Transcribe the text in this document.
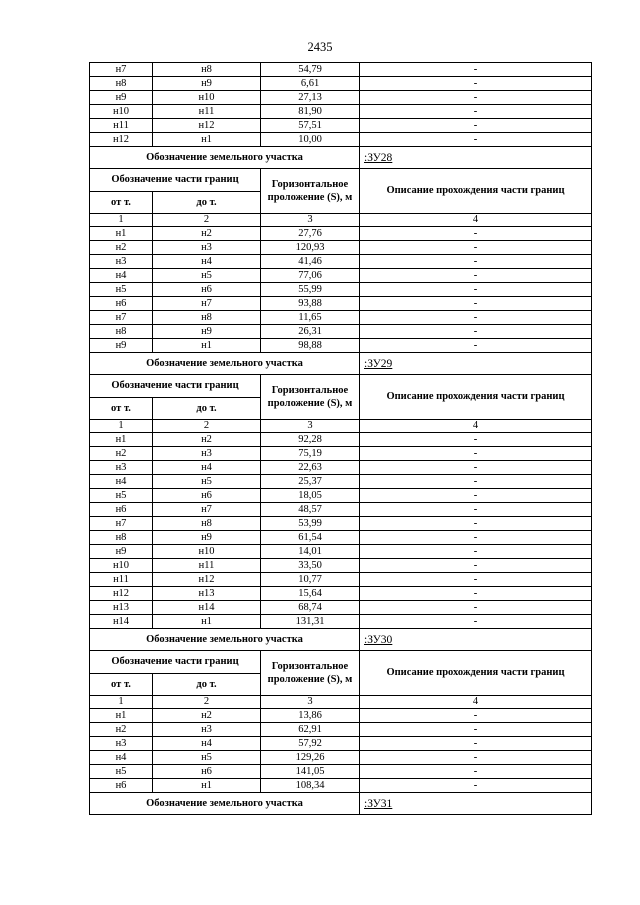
2435
н7	н8	54,79	-
н8	н9	6,61	-
н9	н10	27,13	-
н10	н11	81,90	-
н11	н12	57,51	-
н12	н1	10,00	-
Обозначение земельного участка			:ЗУ28
Обозначение части границ		Горизонтальное проложение (S), м	Описание прохождения части границ
от т.	до т.		
1	2	3	4
н1	н2	27,76	-
н2	н3	120,93	-
н3	н4	41,46	-
н4	н5	77,06	-
н5	н6	55,99	-
н6	н7	93,88	-
н7	н8	11,65	-
н8	н9	26,31	-
н9	н1	98,88	-
Обозначение земельного участка			:ЗУ29
Обозначение части границ		Горизонтальное проложение (S), м	Описание прохождения части границ
от т.	до т.		
1	2	3	4
н1	н2	92,28	-
н2	н3	75,19	-
н3	н4	22,63	-
н4	н5	25,37	-
н5	н6	18,05	-
н6	н7	48,57	-
н7	н8	53,99	-
н8	н9	61,54	-
н9	н10	14,01	-
н10	н11	33,50	-
н11	н12	10,77	-
н12	н13	15,64	-
н13	н14	68,74	-
н14	н1	131,31	-
Обозначение земельного участка			:ЗУ30
Обозначение части границ		Горизонтальное проложение (S), м	Описание прохождения части границ
от т.	до т.		
1	2	3	4
н1	н2	13,86	-
н2	н3	62,91	-
н3	н4	57,92	-
н4	н5	129,26	-
н5	н6	141,05	-
н6	н1	108,34	-
Обозначение земельного участка			:ЗУ31
